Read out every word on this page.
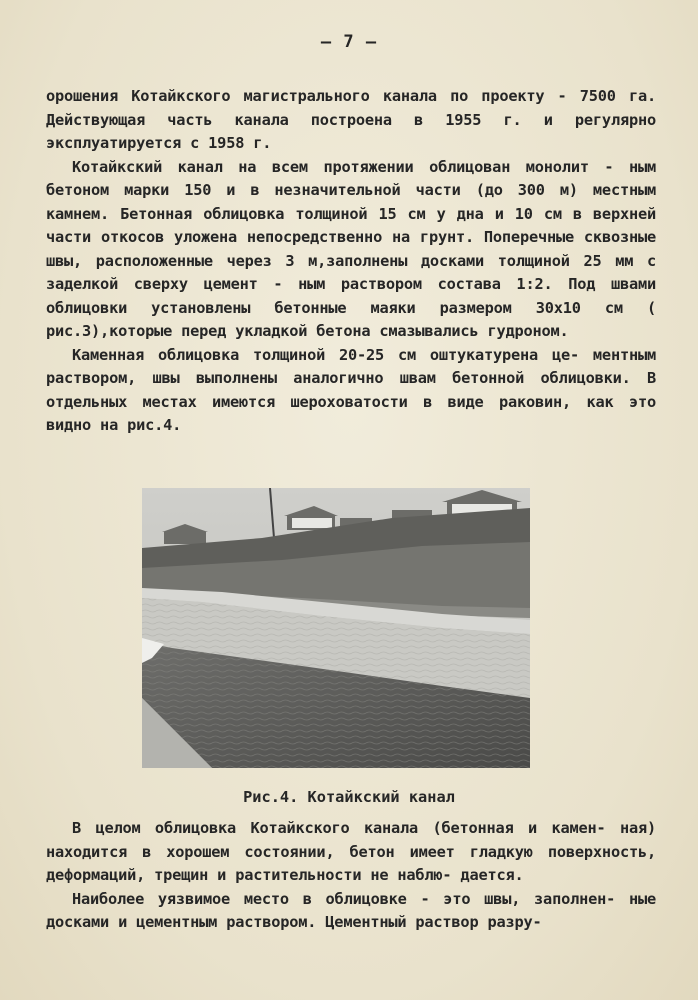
— 7 —

орошения Котайкского магистрального канала по проекту - 7500 га. Действующая часть канала построена в 1955 г. и регулярно эксплуатируется с 1958 г.

Котайкский канал на всем протяжении облицован монолит - ным бетоном марки 150 и в незначительной части (до 300 м) местным камнем. Бетонная облицовка толщиной 15 см у дна и 10 см в верхней части откосов уложена непосредственно на грунт. Поперечные сквозные швы, расположенные через 3 м,заполнены досками толщиной 25 мм с заделкой сверху цемент - ным раствором состава 1:2. Под швами облицовки установлены бетонные маяки размером 30х10 см ( рис.3),которые перед укладкой бетона смазывались гудроном.

Каменная облицовка толщиной 20-25 см оштукатурена це- ментным раствором, швы выполнены аналогично швам бетонной облицовки. В отдельных местах имеются шероховатости в виде раковин, как это видно на рис.4.

Рис.4. Котайкский канал

В целом облицовка Котайкского канала (бетонная и камен- ная) находится в хорошем состоянии, бетон имеет гладкую поверхность, деформаций, трещин и растительности не наблю- дается.

Наиболее уязвимое место в облицовке - это швы, заполнен- ные досками и цементным раствором. Цементный раствор разру-
